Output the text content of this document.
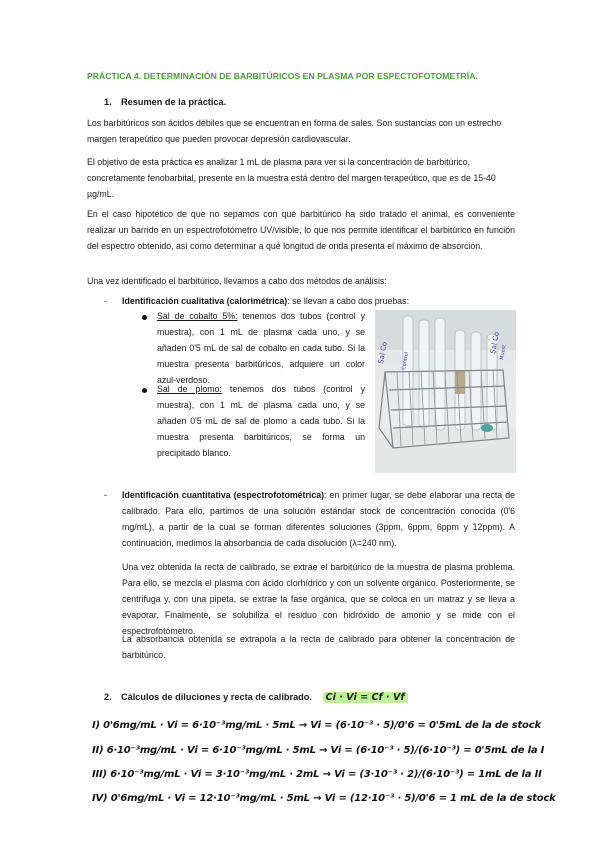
PRÁCTICA 4. DETERMINACIÓN DE BARBITÚRICOS EN PLASMA POR ESPECTOFOTOMETRÍA.
1. Resumen de la práctica.

Los barbitúricos son ácidos débiles que se encuentran en forma de sales. Son sustancias con un estrecho margen terapeútico que pueden provocar depresión cardiovascular.

El objetivo de esta práctica es analizar 1 mL de plasma para ver si la concentración de barbitúrico, concretamente fenobarbital, presente en la muestra está dentro del margen terapeútico, que es de 15-40 µg/mL.

En el caso hipotético de que no sepamos con qué barbitúrico ha sido tratado el animal, es conveniente realizar un barrido en un espectrofotómetro UV/visible, lo que nos permite identificar el barbitúrico en función del espectro obtenido, así como determinar a qué longitud de onda presenta el máximo de absorción.

Una vez identificado el barbitúrico, llevamos a cabo dos métodos de análisis:

- Identificación cualitativa (calorimétrica): se llevan a cabo dos pruebas:

Sal de cobalto 5%: tenemos dos tubos (control y muestra), con 1 mL de plasma cada uno, y se añaden 0'5 mL de sal de cobalto en cada tubo. Si la muestra presenta barbitúricos, adquiere un color azul-verdoso.

Sal de plomo: tenemos dos tubos (control y muestra), con 1 mL de plasma cada uno, y se añaden 0'5 mL de sal de plomo a cada tubo. Si la muestra presenta barbitúricos, se forma un precipitado blanco.

Sal Co	Sal Co
Muest
Control
- Identificación cuantitativa (espectrofotométrica): en primer lugar, se debe elaborar una recta de calibrado. Para ello, partimos de una solución estándar stock de concentración conocida (0'6 mg/mL), a partir de la cual se forman diferentes soluciones (3ppm, 6ppm, 6ppm y 12ppm). A continuación, medimos la absorbancia de cada disolución (λ=240 nm).

Una vez obtenida la recta de calibrado, se extrae el barbitúrico de la muestra de plasma problema. Para ello, se mezcla el plasma con ácido clorhídrico y con un solvente orgánico. Posteriormente, se centrifuga y, con una pipeta, se extrae la fase orgánica, que se coloca en un matraz y se lleva a evaporar. Finalmente, se solubiliza el residuo con hidróxido de amonio y se mide con el espectrofotómetro.

La absorbancia obtenida se extrapola a la recta de calibrado para obtener la concentración de barbitúrico.

2. Cálculos de diluciones y recta de calibrado. Ci · Vi = Cf · Vf
I) 0'6mg/mL · Vi = 6·10⁻³mg/mL · 5mL → Vi = (6·10⁻³ · 5)/0'6 = 0'5mL de la de stock
II) 6·10⁻³mg/mL · Vi = 6·10⁻³mg/mL · 5mL → Vi = (6·10⁻³ · 5)/(6·10⁻³) = 0'5mL de la I
III) 6·10⁻³mg/mL · Vi = 3·10⁻³mg/mL · 2mL → Vi = (3·10⁻³ · 2)/(6·10⁻³) = 1mL de la II
IV) 0'6mg/mL · Vi = 12·10⁻³mg/mL · 5mL → Vi = (12·10⁻³ · 5)/0'6 = 1 mL de la de stock
